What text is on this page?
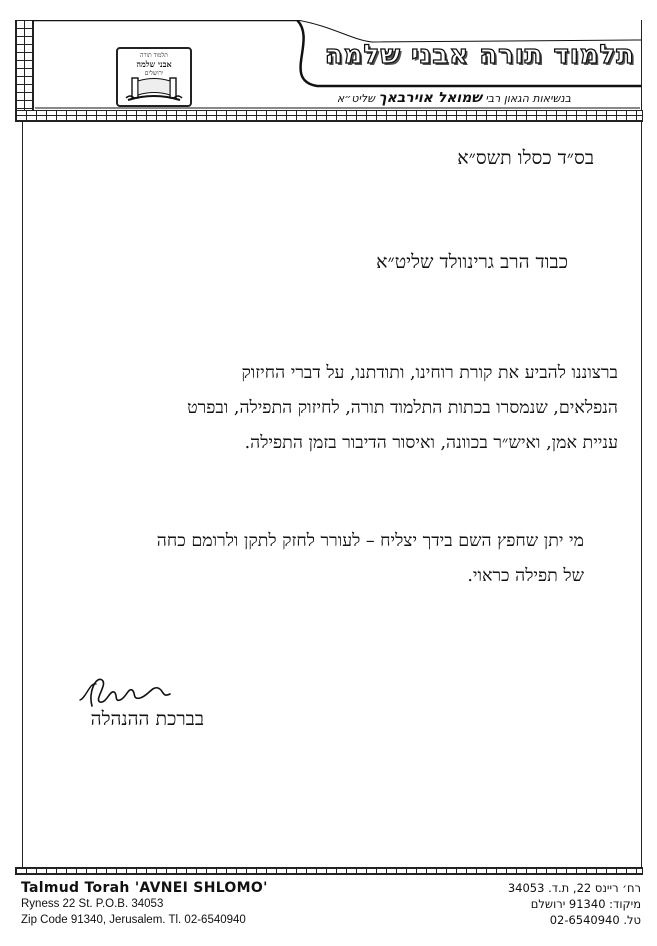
תלמוד תורה
אבני שלמה
ירושלים
תלמוד תורה אבני שלמה
בנשיאות הגאון רבי שמואל אוירבאך שליט״א
בס״ד כסלו תשס״א
כבוד הרב גרינוולד שליט״א
ברצוננו להביע את קורת רוחינו, ותודתנו, על דברי החיזוק
הנפלאים, שנמסרו בכתות התלמוד תורה, לחיזוק התפילה, ובפרט
עניית אמן, ואיש״ר בכוונה, ואיסור הדיבור בזמן התפילה.
מי יתן שחפץ השם בידך יצליח – לעורר לחזק לתקן ולרומם כחה
של תפילה כראוי.
בברכת ההנהלה
Talmud Torah 'AVNEI SHLOMO'
Ryness 22 St. P.O.B. 34053
Zip Code 91340, Jerusalem. Tl. 02-6540940
רח׳ ריינס 22, ת.ד. 34053
מיקוד: 91340 ירושלם
טל. 02-6540940
